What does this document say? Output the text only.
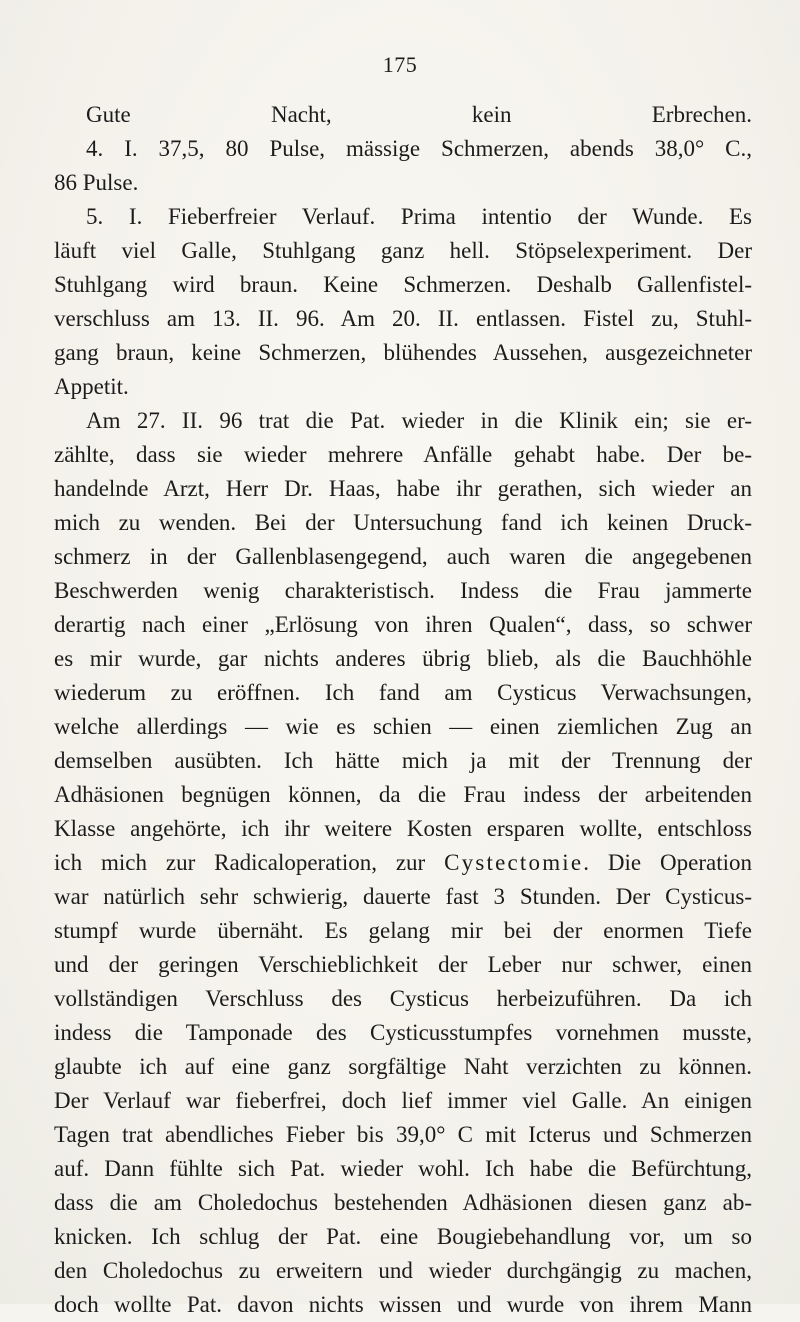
175
Gute Nacht, kein Erbrechen.
4. I. 37,5, 80 Pulse, mässige Schmerzen, abends 38,0° C.,
86 Pulse.
5. I. Fieberfreier Verlauf. Prima intentio der Wunde. Es
läuft viel Galle, Stuhlgang ganz hell. Stöpselexperiment. Der
Stuhlgang wird braun. Keine Schmerzen. Deshalb Gallenfistel-
verschluss am 13. II. 96. Am 20. II. entlassen. Fistel zu, Stuhl-
gang braun, keine Schmerzen, blühendes Aussehen, ausgezeichneter
Appetit.
Am 27. II. 96 trat die Pat. wieder in die Klinik ein; sie er-
zählte, dass sie wieder mehrere Anfälle gehabt habe. Der be-
handelnde Arzt, Herr Dr. Haas, habe ihr gerathen, sich wieder an
mich zu wenden. Bei der Untersuchung fand ich keinen Druck-
schmerz in der Gallenblasengegend, auch waren die angegebenen
Beschwerden wenig charakteristisch. Indess die Frau jammerte
derartig nach einer „Erlösung von ihren Qualen“, dass, so schwer
es mir wurde, gar nichts anderes übrig blieb, als die Bauchhöhle
wiederum zu eröffnen. Ich fand am Cysticus Verwachsungen,
welche allerdings — wie es schien — einen ziemlichen Zug an
demselben ausübten. Ich hätte mich ja mit der Trennung der
Adhäsionen begnügen können, da die Frau indess der arbeitenden
Klasse angehörte, ich ihr weitere Kosten ersparen wollte, entschloss
ich mich zur Radicaloperation, zur Cystectomie. Die Operation
war natürlich sehr schwierig, dauerte fast 3 Stunden. Der Cysticus-
stumpf wurde übernäht. Es gelang mir bei der enormen Tiefe
und der geringen Verschieblichkeit der Leber nur schwer, einen
vollständigen Verschluss des Cysticus herbeizuführen. Da ich
indess die Tamponade des Cysticusstumpfes vornehmen musste,
glaubte ich auf eine ganz sorgfältige Naht verzichten zu können.
Der Verlauf war fieberfrei, doch lief immer viel Galle. An einigen
Tagen trat abendliches Fieber bis 39,0° C mit Icterus und Schmerzen
auf. Dann fühlte sich Pat. wieder wohl. Ich habe die Befürchtung,
dass die am Choledochus bestehenden Adhäsionen diesen ganz ab-
knicken. Ich schlug der Pat. eine Bougiebehandlung vor, um so
den Choledochus zu erweitern und wieder durchgängig zu machen,
doch wollte Pat. davon nichts wissen und wurde von ihrem Mann
